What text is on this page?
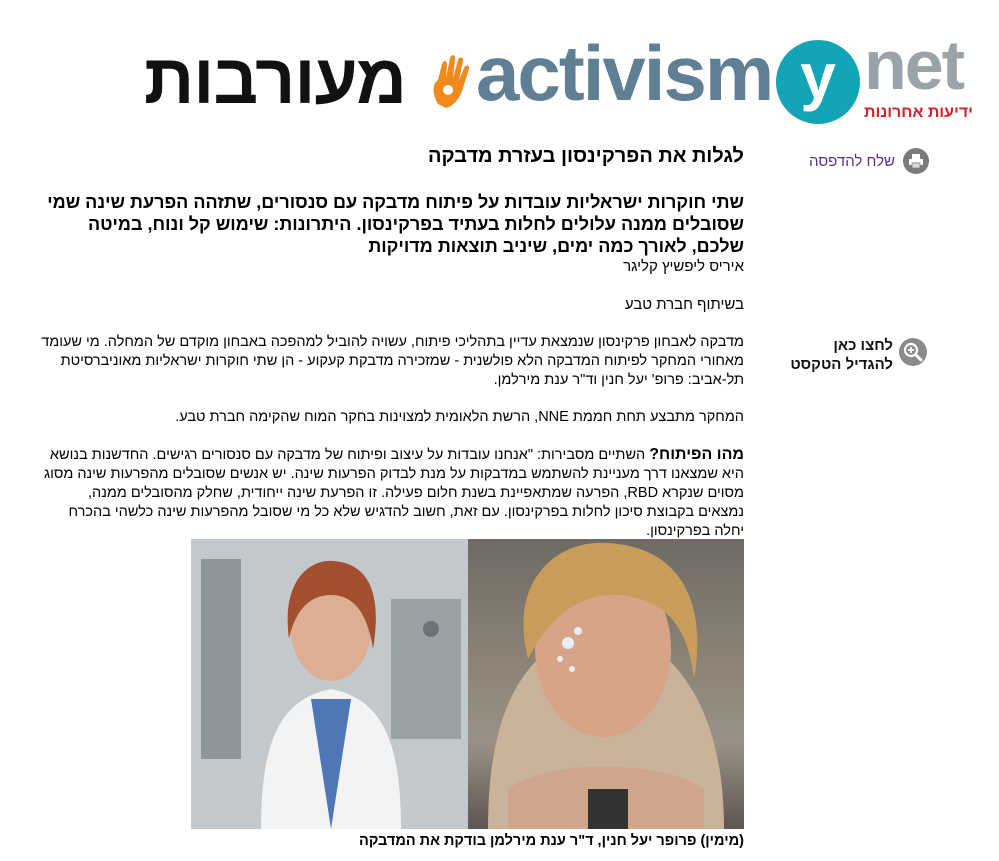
מעורבות activism y net
ידיעות אחרונות
שלח להדפסה
לחצו כאן להגדיל הטקסט
לגלות את הפרקינסון בעזרת מדבקה
שתי חוקרות ישראליות עובדות על פיתוח מדבקה עם סנסורים, שתזהה הפרעת שינה שמי שסובלים ממנה עלולים לחלות בעתיד בפרקינסון. היתרונות: שימוש קל ונוח, במיטה שלכם, לאורך כמה ימים, שיניב תוצאות מדויקות

איריס ליפשיץ קליגר

בשיתוף חברת טבע

מדבקה לאבחון פרקינסון שנמצאת עדיין בתהליכי פיתוח, עשויה להוביל למהפכה באבחון מוקדם של המחלה. מי שעומד מאחורי המחקר לפיתוח המדבקה הלא פולשנית - שמזכירה מדבקת קעקוע - הן שתי חוקרות ישראליות מאוניברסיטת תל-אביב: פרופ' יעל חנין וד"ר ענת מירלמן.

המחקר מתבצע תחת חממת NNE, הרשת הלאומית למצוינות בחקר המוח שהקימה חברת טבע.

מהו הפיתוח? השתיים מסבירות: "אנחנו עובדות על עיצוב ופיתוח של מדבקה עם סנסורים רגישים. החדשנות בנושא היא שמצאנו דרך מעניינת להשתמש במדבקות על מנת לבדוק הפרעות שינה. יש אנשים שסובלים מהפרעות שינה מסוג מסוים שנקרא RBD, הפרעה שמתאפיינת בשנת חלום פעילה. זו הפרעת שינה ייחודית, שחלק מהסובלים ממנה, נמצאים בקבוצת סיכון לחלות בפרקינסון. עם זאת, חשוב להדגיש שלא כל מי שסובל מהפרעות שינה כלשהי בהכרח יחלה בפרקינסון.

(מימין) פרופר יעל חנין, ד"ר ענת מירלמן בודקת את המדבקה
